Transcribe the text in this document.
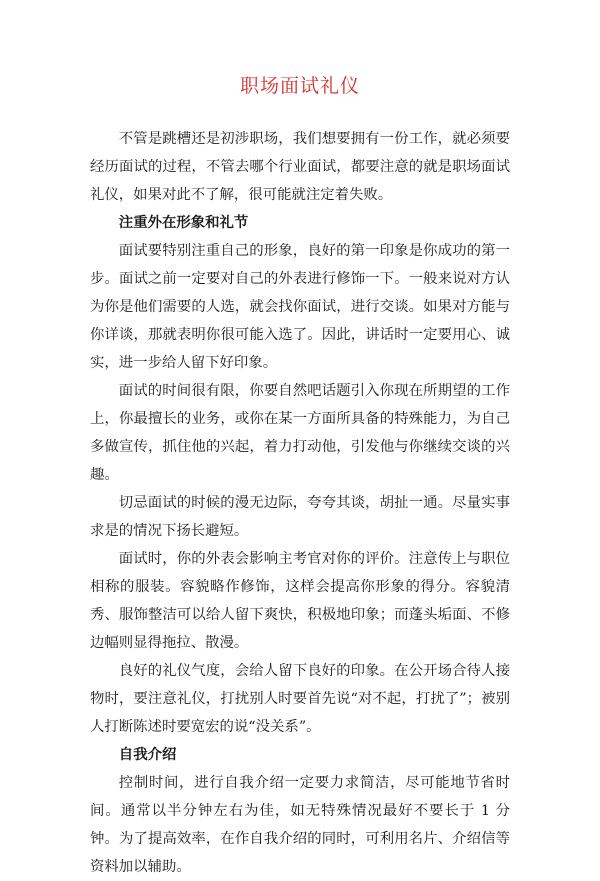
职场面试礼仪

不管是跳槽还是初涉职场，我们想要拥有一份工作，就必须要经历面试的过程，不管去哪个行业面试，都要注意的就是职场面试礼仪，如果对此不了解，很可能就注定着失败。

注重外在形象和礼节

面试要特别注重自己的形象，良好的第一印象是你成功的第一步。面试之前一定要对自己的外表进行修饰一下。一般来说对方认为你是他们需要的人选，就会找你面试，进行交谈。如果对方能与你详谈，那就表明你很可能入选了。因此，讲话时一定要用心、诚实，进一步给人留下好印象。

面试的时间很有限，你要自然吧话题引入你现在所期望的工作上，你最擅长的业务，或你在某一方面所具备的特殊能力，为自己多做宣传，抓住他的兴起，着力打动他，引发他与你继续交谈的兴趣。

切忌面试的时候的漫无边际，夸夸其谈，胡扯一通。尽量实事求是的情况下扬长避短。

面试时，你的外表会影响主考官对你的评价。注意传上与职位相称的服装。容貌略作修饰，这样会提高你形象的得分。容貌清秀、服饰整洁可以给人留下爽快，积极地印象；而蓬头垢面、不修边幅则显得拖拉、散漫。

良好的礼仪气度，会给人留下良好的印象。在公开场合待人接物时，要注意礼仪，打扰别人时要首先说“对不起，打扰了”；被别人打断陈述时要宽宏的说“没关系”。

自我介绍

控制时间，进行自我介绍一定要力求简洁，尽可能地节省时间。通常以半分钟左右为佳，如无特殊情况最好不要长于 1 分钟。为了提高效率，在作自我介绍的同时，可利用名片、介绍信等资料加以辅助。
